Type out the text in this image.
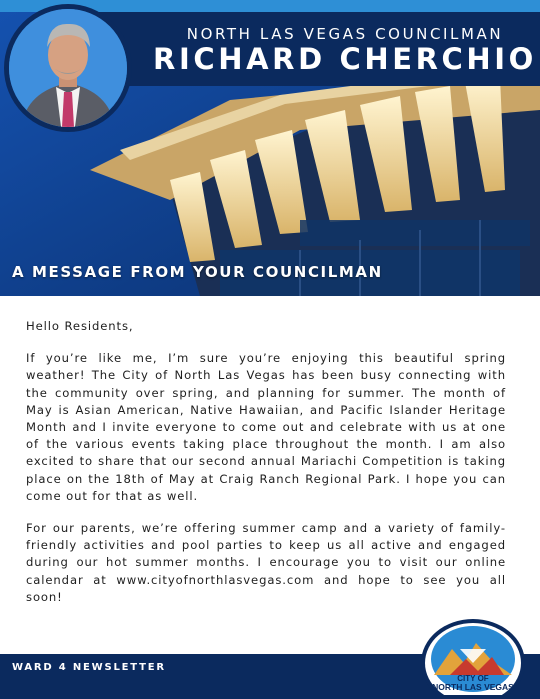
NORTH LAS VEGAS COUNCILMAN
RICHARD CHERCHIO
A MESSAGE FROM YOUR COUNCILMAN

Hello Residents,

If you’re like me, I’m sure you’re enjoying this beautiful spring weather! The City of North Las Vegas has been busy connecting with the community over spring, and planning for summer. The month of May is Asian American, Native Hawaiian, and Pacific Islander Heritage Month and I invite everyone to come out and celebrate with us at one of the various events taking place throughout the month. I am also excited to share that our second annual Mariachi Competition is taking place on the 18th of May at Craig Ranch Regional Park. I hope you can come out for that as well.

For our parents, we’re offering summer camp and a variety of family-friendly activities and pool parties to keep us all active and engaged during our hot summer months. I encourage you to visit our online calendar at www.cityofnorthlasvegas.com and hope to see you all soon!

WARD 4 NEWSLETTER
CITY OF
NORTH LAS VEGAS
